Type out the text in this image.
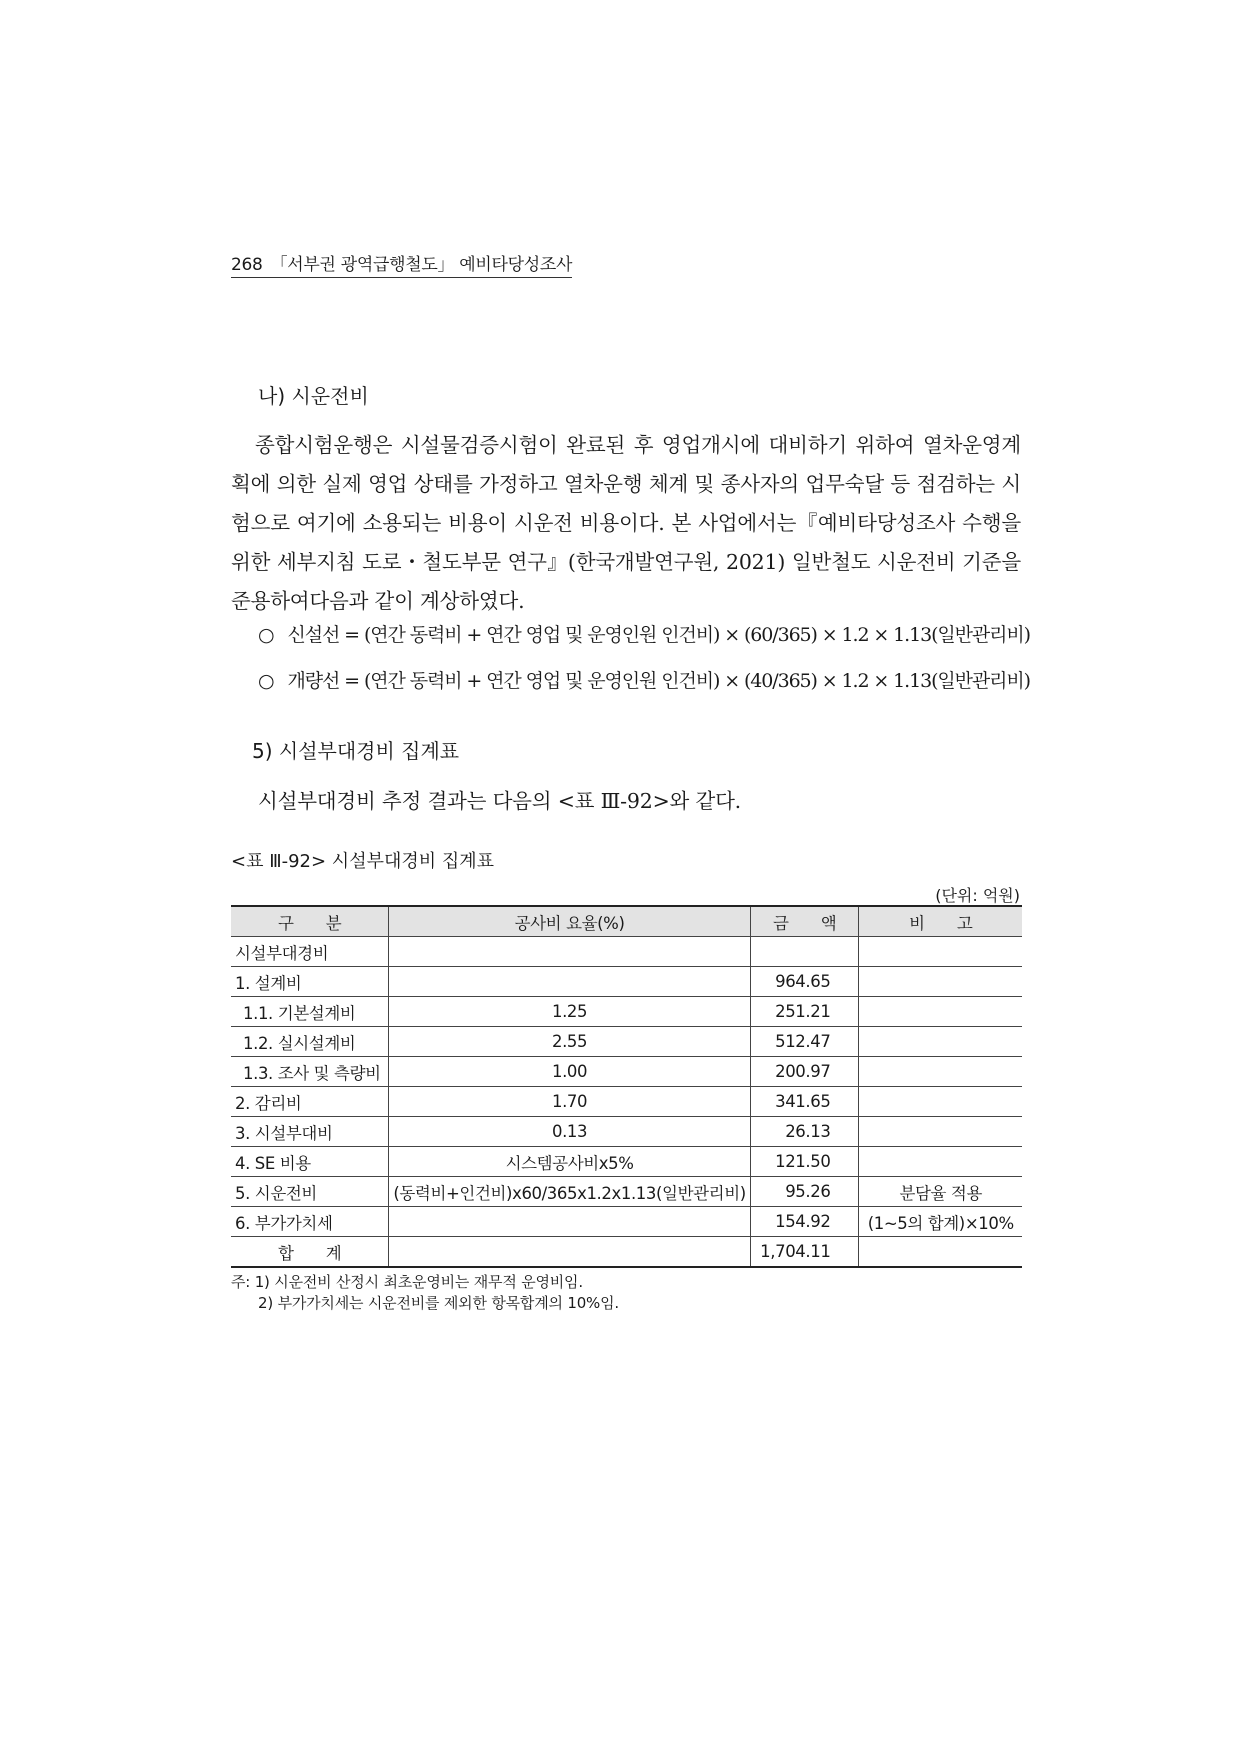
268 「서부권 광역급행철도」 예비타당성조사
나) 시운전비
종합시험운행은 시설물검증시험이 완료된 후 영업개시에 대비하기 위하여 열차운영계획에 의한 실제 영업 상태를 가정하고 열차운행 체계 및 종사자의 업무숙달 등 점검하는 시험으로 여기에 소용되는 비용이 시운전 비용이다. 본 사업에서는『예비타당성조사 수행을 위한 세부지침 도로・철도부문 연구』(한국개발연구원, 2021) 일반철도 시운전비 기준을 준용하여다음과 같이 계상하였다.
○ 신설선 = (연간 동력비 + 연간 영업 및 운영인원 인건비) × (60/365) × 1.2 × 1.13(일반관리비)
○ 개량선 = (연간 동력비 + 연간 영업 및 운영인원 인건비) × (40/365) × 1.2 × 1.13(일반관리비)
5) 시설부대경비 집계표
시설부대경비 추정 결과는 다음의 <표 Ⅲ-92>와 같다.
<표 Ⅲ-92> 시설부대경비 집계표
(단위: 억원)
구　　분	공사비 요율(%)	금　　액	비　　고
시설부대경비			
1. 설계비		964.65	
1.1. 기본설계비	1.25	251.21	
1.2. 실시설계비	2.55	512.47	
1.3. 조사 및 측량비	1.00	200.97	
2. 감리비	1.70	341.65	
3. 시설부대비	0.13	26.13	
4. SE 비용	시스템공사비x5%	121.50	
5. 시운전비	(동력비+인건비)x60/365x1.2x1.13(일반관리비)	95.26	분담율 적용
6. 부가가치세		154.92	(1~5의 합계)×10%
합　　계		1,704.11	
주: 1) 시운전비 산정시 최초운영비는 재무적 운영비임.
2) 부가가치세는 시운전비를 제외한 항목합계의 10%임.
